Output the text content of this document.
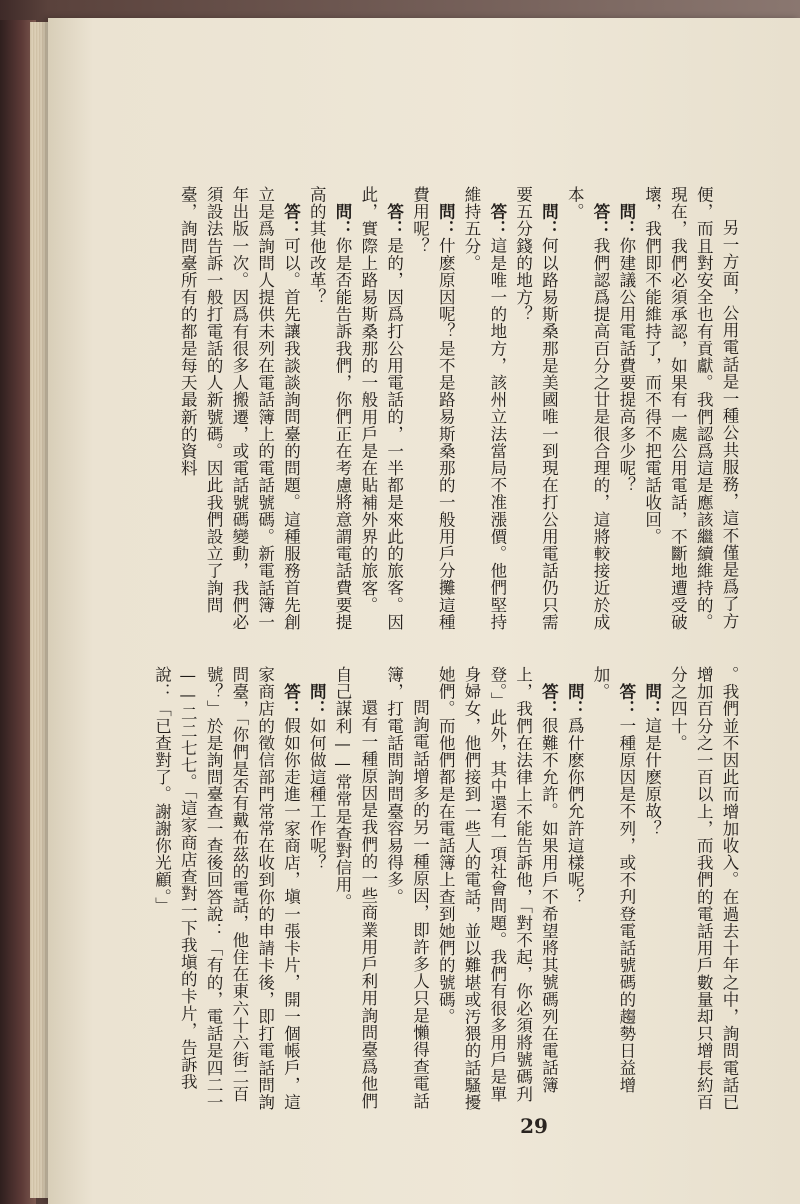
另一方面，公用電話是一種公共服務，這不僅是爲了方便，而且對安全也有貢獻。我們認爲這是應該繼續維持的。現在，我們必須承認，如果有一處公用電話，不斷地遭受破壞，我們即不能維持了，而不得不把電話收回。

問：你建議公用電話費要提高多少呢？

答：我們認爲提高百分之廿是很合理的，這將較接近於成本。

問：何以路易斯桑那是美國唯一到現在打公用電話仍只需要五分錢的地方？

答：這是唯一的地方，該州立法當局不准漲價。他們堅持維持五分。

問：什麽原因呢？是不是路易斯桑那的一般用戶分攤這種費用呢？

答：是的，因爲打公用電話的，一半都是來此的旅客。因此，實際上路易斯桑那的一般用戶是在貼補外界的旅客。

問：你是否能告訴我們，你們正在考慮將意謂電話費要提高的其他改革？

答：可以。首先讓我談談詢問臺的問題。這種服務首先創立是爲詢問人提供未列在電話簿上的電話號碼。新電話簿一年出版一次。因爲有很多人搬遷，或電話號碼變動，我們必須設法告訴一般打電話的人新號碼。因此我們設立了詢問臺，詢問臺所有的都是每天最新的資料

。我們並不因此而增加收入。在過去十年之中，詢問電話已增加百分之一百以上，而我們的電話用戶數量却只增長約百分之四十。

問：這是什麽原故？

答：一種原因是不列，或不刋登電話號碼的趨勢日益增加。

問：爲什麽你們允許這樣呢？

答：很難不允許。如果用戶不希望將其號碼列在電話簿上，我們在法律上不能告訴他，「對不起，你必須將號碼刋登。」此外，其中還有一項社會問題。我們有很多用戶是單身婦女，他們接到一些人的電話，並以難堪或汚猥的話騷擾她們。而他們都是在電話簿上查到她們的號碼。

問詢電話增多的另一種原因，即許多人只是懶得查電話簿，打電話問詢問臺容易得多。

還有一種原因是我們的一些商業用戶利用詢問臺爲他們自己謀利——常常是查對信用。

問：如何做這種工作呢？

答：假如你走進一家商店，塡一張卡片，開一個帳戶，這家商店的徵信部門常常在收到你的申請卡後，即打電話問詢問臺，「你們是否有戴布茲的電話，他住在東六十六街二百號？」於是詢問臺查一查後回答說：「有的，電話是四二一——二二七七。「這家商店查對一下我塡的卡片，告訴我說：「已查對了。謝謝你光顧。」

29
